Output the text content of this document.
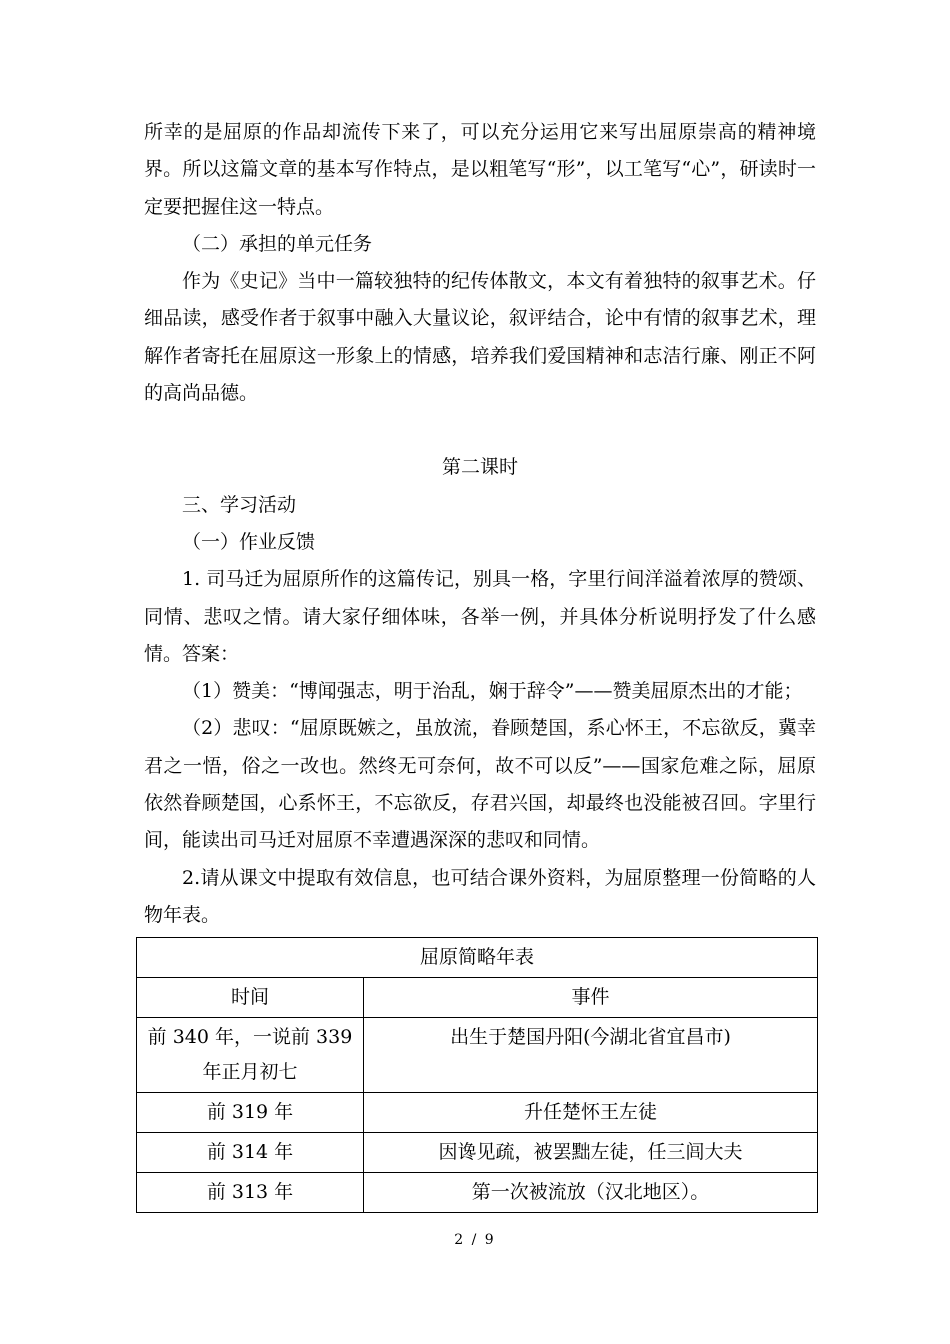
所幸的是屈原的作品却流传下来了，可以充分运用它来写出屈原崇高的精神境界。所以这篇文章的基本写作特点，是以粗笔写“形”，以工笔写“心”，研读时一定要把握住这一特点。

（二）承担的单元任务

作为《史记》当中一篇较独特的纪传体散文，本文有着独特的叙事艺术。仔细品读，感受作者于叙事中融入大量议论，叙评结合，论中有情的叙事艺术，理解作者寄托在屈原这一形象上的情感，培养我们爱国精神和志洁行廉、刚正不阿的高尚品德。

第二课时

三、学习活动

（一）作业反馈

1. 司马迁为屈原所作的这篇传记，别具一格，字里行间洋溢着浓厚的赞颂、同情、悲叹之情。请大家仔细体味，各举一例，并具体分析说明抒发了什么感情。答案：

（1）赞美：“博闻强志，明于治乱，娴于辞令”——赞美屈原杰出的才能；

（2）悲叹：“屈原既嫉之，虽放流，眷顾楚国，系心怀王，不忘欲反，冀幸君之一悟，俗之一改也。然终无可奈何，故不可以反”——国家危难之际，屈原依然眷顾楚国，心系怀王，不忘欲反，存君兴国，却最终也没能被召回。字里行间，能读出司马迁对屈原不幸遭遇深深的悲叹和同情。

2.请从课文中提取有效信息，也可结合课外资料，为屈原整理一份简略的人物年表。

屈原简略年表	
时间	事件
前 340 年，一说前 339 年正月初七	出生于楚国丹阳(今湖北省宜昌市)
前 319 年	升任楚怀王左徒
前 314 年	因谗见疏，被罢黜左徒，任三闾大夫
前 313 年	第一次被流放（汉北地区）。
2 / 9
